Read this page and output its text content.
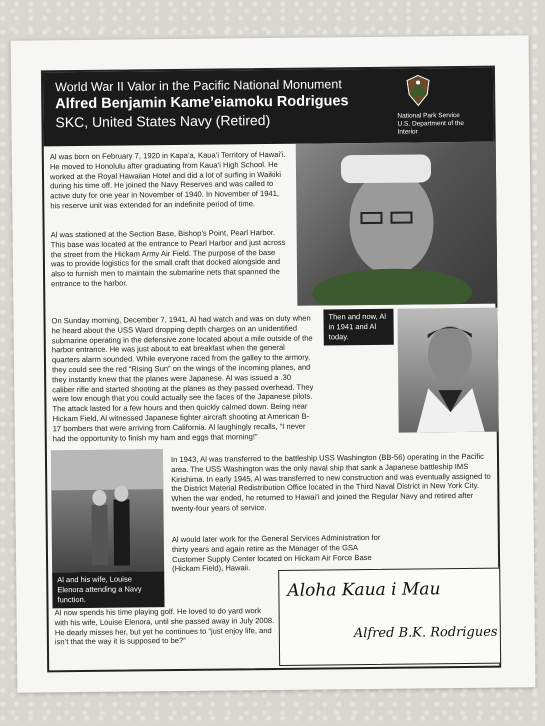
World War II Valor in the Pacific National Monument
Alfred Benjamin Kame’eiamoku Rodrigues
SKC, United States Navy (Retired)	National Park Service
U.S. Department of the Interior
Al was born on February 7, 1920 in Kapa‘a, Kaua‘i Territory of Hawai‘i. He moved to Honolulu after graduating from Kaua‘i High School. He worked at the Royal Hawaiian Hotel and did a lot of surfing in Waikiki during his time off. He joined the Navy Reserves and was called to active duty for one year in November of 1940. In November of 1941, his reserve unit was extended for an indefinite period of time.
Al was stationed at the Section Base, Bishop’s Point, Pearl Harbor. This base was located at the entrance to Pearl Harbor and just across the street from the Hickam Army Air Field. The purpose of the base was to provide logistics for the small craft that docked alongside and also to furnish men to maintain the submarine nets that spanned the entrance to the harbor.
On Sunday morning, December 7, 1941, Al had watch and was on duty when he heard about the USS Ward dropping depth charges on an unidentified submarine operating in the defensive zone located about a mile outside of the harbor entrance. He was just about to eat breakfast when the general quarters alarm sounded. While everyone raced from the galley to the armory, they could see the red “Rising Sun” on the wings of the incoming planes, and they instantly knew that the planes were Japanese. Al was issued a .30 caliber rifle and started shooting at the planes as they passed overhead. They were low enough that you could actually see the faces of the Japanese pilots. The attack lasted for a few hours and then quickly calmed down. Being near Hickam Field, Al witnessed Japanese fighter aircraft shooting at American B-17 bombers that were arriving from California. Al laughingly recalls, “I never had the opportunity to finish my ham and eggs that morning!”
Then and now, Al in 1941 and Al today.
Al and his wife, Louise Elenora attending a Navy function.
In 1943, Al was transferred to the battleship USS Washington (BB-56) operating in the Pacific area. The USS Washington was the only naval ship that sank a Japanese battleship IMS Kirishima. In early 1945, Al was transferred to new construction and was eventually assigned to the District Material Redistribution Office located in the Third Naval District in New York City. When the war ended, he returned to Hawai‘i and joined the Regular Navy and retired after twenty-four years of service.
Al would later work for the General Services Administration for thirty years and again retire as the Manager of the GSA Customer Supply Center located on Hickam Air Force Base (Hickam Field), Hawaii.
Al now spends his time playing golf. He loved to do yard work with his wife, Louise Elenora, until she passed away in July 2008. He dearly misses her, but yet he continues to “just enjoy life, and isn’t that the way it is supposed to be?”
Aloha Kaua i Mau
Alfred B.K. Rodrigues
